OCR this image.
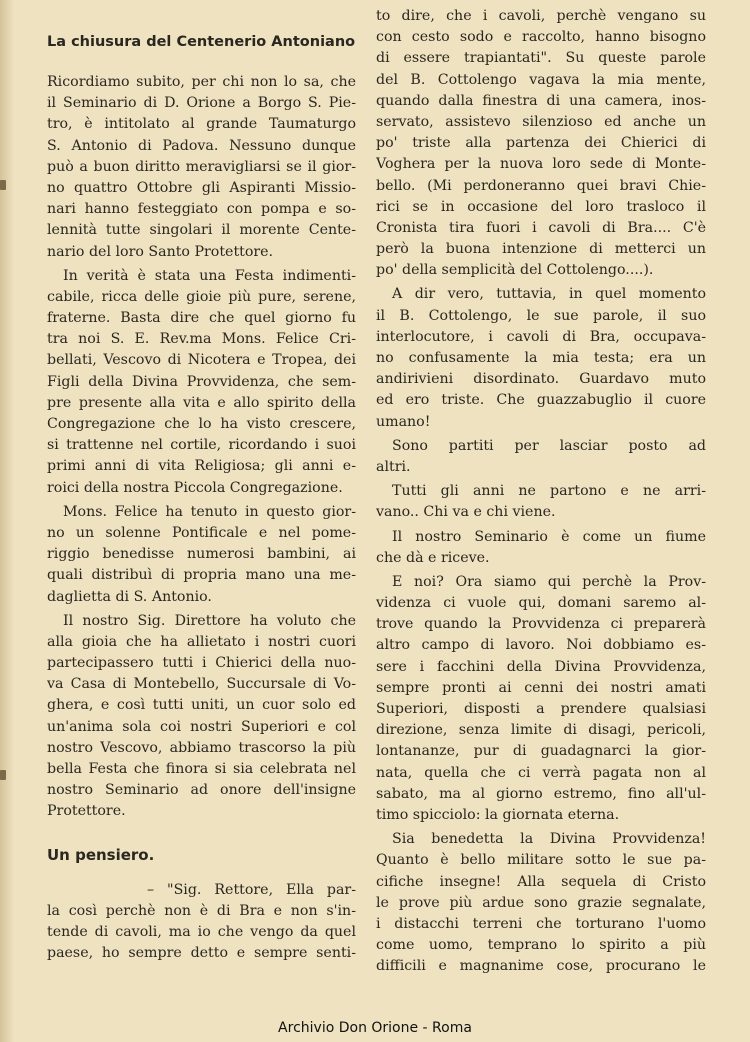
La chiusura del Centenеrio Antoniano
Ricordiamo subito, per chi non lo sa, che
il Seminario di D. Orione a Borgo S. Pie-
tro, è intitolato al grande Taumaturgo
S. Antonio di Padova. Nessuno dunque
può a buon diritto meravigliarsi se il gior-
no quattro Ottobre gli Aspiranti Missio-
nari hanno festeggiato con pompa e so-
lennità tutte singolari il morente Cente-
nario del loro Santo Protettore.
In verità è stata una Festa indimenti-
cabile, ricca delle gioie più pure, serene,
fraterne. Basta dire che quel giorno fu
tra noi S. E. Rev.ma Mons. Felice Cri-
bellati, Vescovo di Nicotera e Tropea, dei
Figli della Divina Provvidenza, che sem-
pre presente alla vita e allo spirito della
Congregazione che lo ha visto crescere,
si trattenne nel cortile, ricordando i suoi
primi anni di vita Religiosa; gli anni e-
roici della nostra Piccola Congregazione.
Mons. Felice ha tenuto in questo gior-
no un solenne Pontificale e nel pome-
riggio benedisse numerosi bambini, ai
quali distribuì di propria mano una me-
daglietta di S. Antonio.
Il nostro Sig. Direttore ha voluto che
alla gioia che ha allietato i nostri cuori
partecipassero tutti i Chierici della nuo-
va Casa di Montebello, Succursale di Vo-
ghera, e così tutti uniti, un cuor solo ed
un'anima sola coi nostri Superiori e col
nostro Vescovo, abbiamo trascorso la più
bella Festa che finora si sia celebrata nel
nostro Seminario ad onore dell'insigne
Protettore.
Un pensiero.
– "Sig. Rettore, Ella par-
la così perchè non è di Bra e non s'in-
tende di cavoli, ma io che vengo da quel
paese, ho sempre detto e sempre senti-
to dire, che i cavoli, perchè vengano su
con cesto sodo e raccolto, hanno bisogno
di essere trapiantati". Su queste parole
del B. Cottolengo vagava la mia mente,
quando dalla finestra di una camera, inos-
servato, assistevo silenzioso ed anche un
po' triste alla partenza dei Chierici di
Voghera per la nuova loro sede di Monte-
bello. (Mi perdoneranno quei bravi Chie-
rici se in occasione del loro trasloco il
Cronista tira fuori i cavoli di Bra.... C'è
però la buona intenzione di metterci un
po' della semplicità del Cottolengo....).
A dir vero, tuttavia, in quel momento
il B. Cottolengo, le sue parole, il suo
interlocutore, i cavoli di Bra, occupava-
no confusamente la mia testa; era un
andirivieni disordinato. Guardavo muto
ed ero triste. Che guazzabuglio il cuore
umano!
Sono partiti per lasciar posto ad
altri.
Tutti gli anni ne partono e ne arri-
vano.. Chi va e chi viene.
Il nostro Seminario è come un fiume
che dà e riceve.
E noi? Ora siamo qui perchè la Prov-
videnza ci vuole qui, domani saremo al-
trove quando la Provvidenza ci preparerà
altro campo di lavoro. Noi dobbiamo es-
sere i facchini della Divina Provvidenza,
sempre pronti ai cenni dei nostri amati
Superiori, disposti a prendere qualsiasi
direzione, senza limite di disagi, pericoli,
lontananze, pur di guadagnarci la gior-
nata, quella che ci verrà pagata non al
sabato, ma al giorno estremo, fino all'ul-
timo spicciolo: la giornata eterna.
Sia benedetta la Divina Provvidenza!
Quanto è bello militare sotto le sue pa-
cifiche insegne! Alla sequela di Cristo
le prove più ardue sono grazie segnalate,
i distacchi terreni che torturano l'uomo
come uomo, temprano lo spirito a più
difficili e magnanime cose, procurano le
Archivio Don Orione - Roma
